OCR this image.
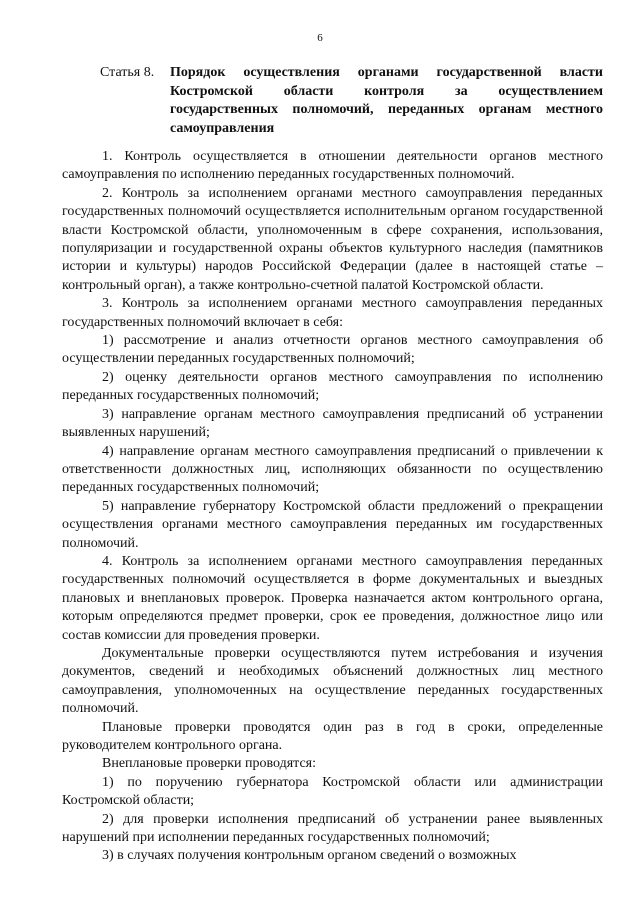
6
Статья 8.	Порядок осуществления органами государственной власти Костромской области контроля за осуществлением государственных полномочий, переданных органам местного самоуправления

1. Контроль осуществляется в отношении деятельности органов местного самоуправления по исполнению переданных государственных полномочий.

2. Контроль за исполнением органами местного самоуправления переданных государственных полномочий осуществляется исполнительным органом государственной власти Костромской области, уполномоченным в сфере сохранения, использования, популяризации и государственной охраны объектов культурного наследия (памятников истории и культуры) народов Российской Федерации (далее в настоящей статье – контрольный орган), а также контрольно-счетной палатой Костромской области.

3. Контроль за исполнением органами местного самоуправления переданных государственных полномочий включает в себя:

1) рассмотрение и анализ отчетности органов местного самоуправления об осуществлении переданных государственных полномочий;

2) оценку деятельности органов местного самоуправления по исполнению переданных государственных полномочий;

3) направление органам местного самоуправления предписаний об устранении выявленных нарушений;

4) направление органам местного самоуправления предписаний о привлечении к ответственности должностных лиц, исполняющих обязанности по осуществлению переданных государственных полномочий;

5) направление губернатору Костромской области предложений о прекращении осуществления органами местного самоуправления переданных им государственных полномочий.

4. Контроль за исполнением органами местного самоуправления переданных государственных полномочий осуществляется в форме документальных и выездных плановых и внеплановых проверок. Проверка назначается актом контрольного органа, которым определяются предмет проверки, срок ее проведения, должностное лицо или состав комиссии для проведения проверки.

Документальные проверки осуществляются путем истребования и изучения документов, сведений и необходимых объяснений должностных лиц местного самоуправления, уполномоченных на осуществление переданных государственных полномочий.

Плановые проверки проводятся один раз в год в сроки, определенные руководителем контрольного органа.

Внеплановые проверки проводятся:

1) по поручению губернатора Костромской области или администрации Костромской области;

2) для проверки исполнения предписаний об устранении ранее выявленных нарушений при исполнении переданных государственных полномочий;

3) в случаях получения контрольным органом сведений о возможных
